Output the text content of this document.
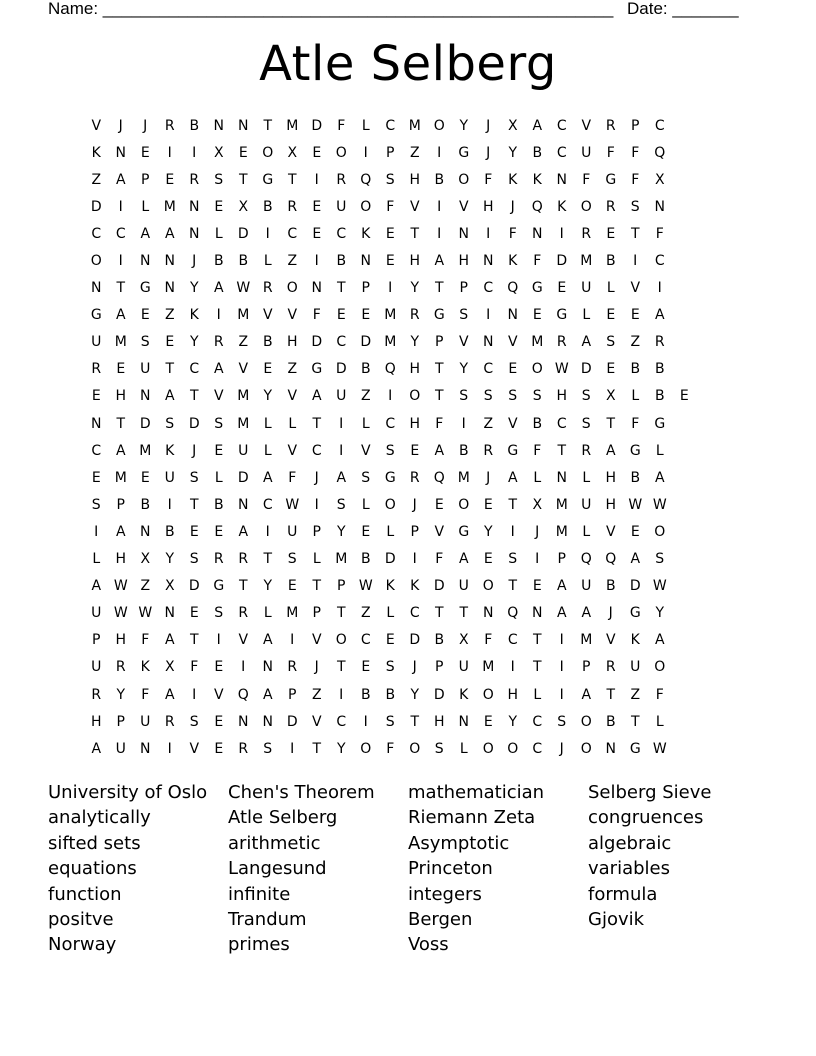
Name: ______________________________________________________ Date: _______
Atle Selberg
V	J	J	R	B	N	N	T	M D	F	L	C M O	Y	J	X	A	C	V	R	P	C
K	N	E	I	I	X	E	O	X	E	O	I	P	Z	I	G	J	Y	B	C	U	F	F	Q
Z	A	P	E	R	S	T	G	T	I	R	Q	S	H	B	O	F	K	K	N	F	G	F	X
D	I	L	M N	E	X	B	R	E	U O	F	V	I	V	H	J	Q	K	O	R	S	N
C	C	A	A	N	L	D	I	C	E	C	K	E	T	I	N	I	F	N	I	R	E	T	F
O	I	N	N	J	B	B	L	Z	I	B	N	E	H	A	H N	K	F	D M B	I	C
N	T	G N	Y	A W R	O N	T	P	I	Y	T	P	C	Q G	E	U	L	V	I
G	A	E	Z	K	I	M V	V	F	E	E	M R	G	S	I	N	E	G	L	E	E	A
U M	S	E	Y	R	Z	B	H D	C	D M	Y	P	V	N	V M R	A	S	Z	R
R	E	U	T	C	A	V	E	Z	G D	B	Q H	T	Y	C	E	O W D	E	B	B
E	H N	A	T	V M	Y	V	A	U	Z	I	O	T	S	S	S	S	H	S	X	L	B	E
N	T	D	S	D	S	M	L	L	T	I	L	C	H	F	I	Z	V	B	C	S	T	F	G
C	A M K	J	E	U	L	V	C	I	V	S	E	A	B	R	G	F	T	R	A	G	L
E	M	E	U	S	L	D	A	F	J	A	S	G	R	Q M	J	A	L	N	L	H	B	A
S	P	B	I	T	B	N	C W	I	S	L	O	J	E	O	E	T	X M U	H W W
I	A	N	B	E	E	A	I	U	P	Y	E	L	P	V	G	Y	I	J	M	L	V	E	O
L	H	X	Y	S	R	R	T	S	L	M B	D	I	F	A	E	S	I	P	Q Q	A	S
A W Z	X	D G	T	Y	E	T	P W K	K	D U O	T	E	A	U	B	D W
U W W N	E	S	R	L	M	P	T	Z	L	C	T	T	N Q N	A	A	J	G	Y
P	H	F	A	T	I	V	A	I	V	O	C	E	D	B	X	F	C	T	I	M V	K	A
U	R	K	X	F	E	I	N	R	J	T	E	S	J	P	U M	I	T	I	P	R	U O
R	Y	F	A	I	V	Q	A	P	Z	I	B	B	Y	D	K	O H	L	I	A	T	Z	F
H	P	U	R	S	E	N	N D	V	C	I	S	T	H N	E	Y	C	S	O	B	T	L
A	U	N	I	V	E	R	S	I	T	Y	O	F	O	S	L	O O	C	J	O N G W
University of Oslo
analytically
sifted sets
equations
function
positve
Norway
Chen's Theorem
Atle Selberg
arithmetic
Langesund
infinite
Trandum
primes
mathematician
Riemann Zeta
Asymptotic
Princeton
integers
Bergen
Voss
Selberg Sieve
congruences
algebraic
variables
formula
Gjovik
